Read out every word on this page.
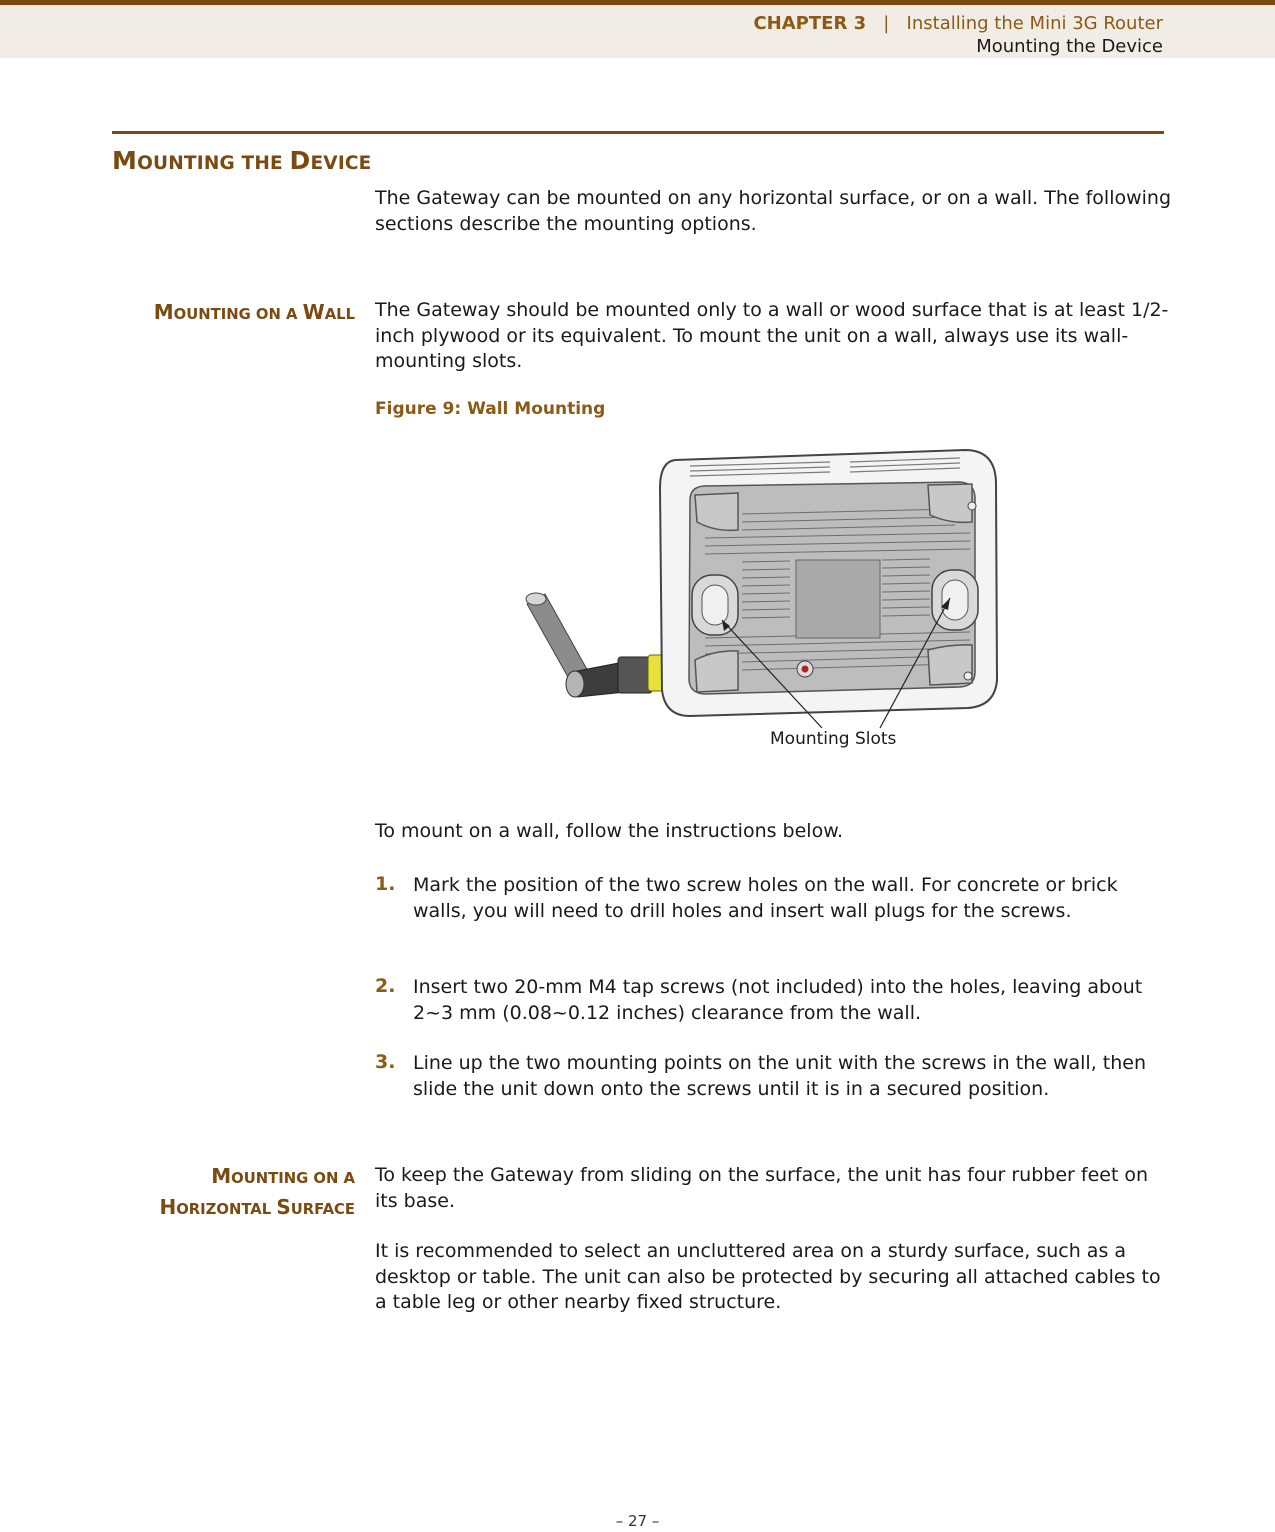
CHAPTER 3 | Installing the Mini 3G Router
Mounting the Device
MOUNTING THE DEVICE
The Gateway can be mounted on any horizontal surface, or on a wall. The following sections describe the mounting options.
MOUNTING ON A WALL The Gateway should be mounted only to a wall or wood surface that is at least 1/2-inch plywood or its equivalent. To mount the unit on a wall, always use its wall-mounting slots.
Figure 9: Wall Mounting
Mounting Slots
To mount on a wall, follow the instructions below.
1. Mark the position of the two screw holes on the wall. For concrete or brick walls, you will need to drill holes and insert wall plugs for the screws.
2. Insert two 20-mm M4 tap screws (not included) into the holes, leaving about 2~3 mm (0.08~0.12 inches) clearance from the wall.
3. Line up the two mounting points on the unit with the screws in the wall, then slide the unit down onto the screws until it is in a secured position.
MOUNTING ON A
HORIZONTAL SURFACE
To keep the Gateway from sliding on the surface, the unit has four rubber feet on its base.
It is recommended to select an uncluttered area on a sturdy surface, such as a desktop or table. The unit can also be protected by securing all attached cables to a table leg or other nearby fixed structure.
– 27 –
